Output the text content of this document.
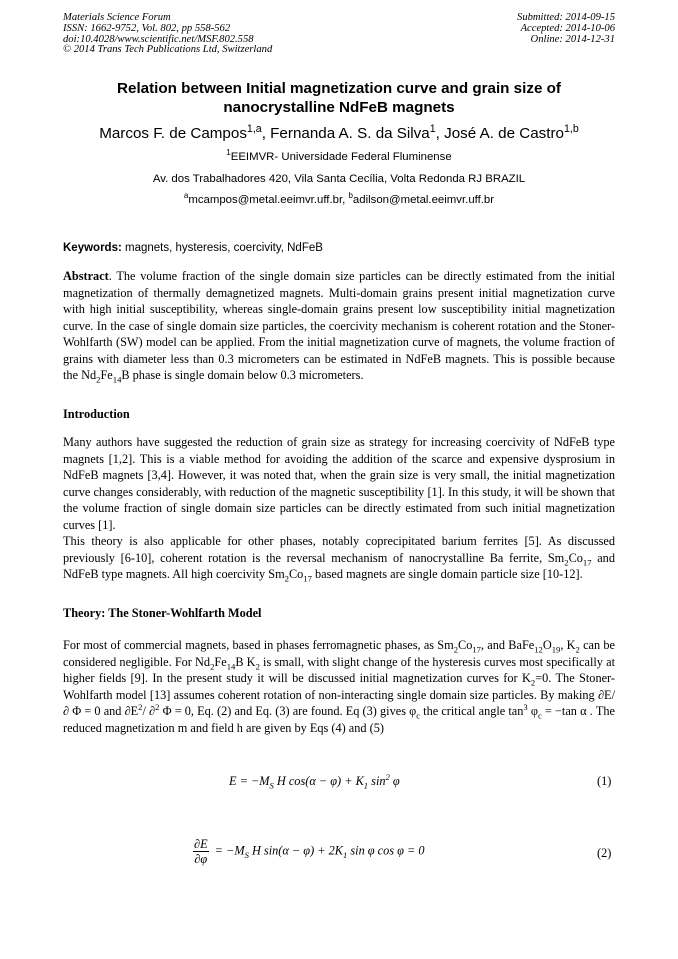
Materials Science Forum
ISSN: 1662-9752, Vol. 802, pp 558-562
doi:10.4028/www.scientific.net/MSF.802.558
© 2014 Trans Tech Publications Ltd, Switzerland
Submitted: 2014-09-15
Accepted: 2014-10-06
Online: 2014-12-31
Relation between Initial magnetization curve and grain size of nanocrystalline NdFeB magnets
Marcos F. de Campos$^{1,a}$, Fernanda A. S. da Silva$^1$, José A. de Castro$^{1,b}$
$^1$EEIMVR- Universidade Federal Fluminense
Av. dos Trabalhadores 420, Vila Santa Cecília, Volta Redonda RJ BRAZIL
$^a$mcampos@metal.eeimvr.uff.br, $^b$adilson@metal.eeimvr.uff.br
Keywords: magnets, hysteresis, coercivity, NdFeB

Abstract. The volume fraction of the single domain size particles can be directly estimated from the initial magnetization of thermally demagnetized magnets. Multi-domain grains present initial magnetization curve with high initial susceptibility, whereas single-domain grains present low susceptibility initial magnetization curve. In the case of single domain size particles, the coercivity mechanism is coherent rotation and the Stoner-Wohlfarth (SW) model can be applied. From the initial magnetization curve of magnets, the volume fraction of grains with diameter less than 0.3 micrometers can be estimated in NdFeB magnets. This is possible because the $Nd_2Fe_{14}B$ phase is single domain below 0.3 micrometers.

Introduction

Many authors have suggested the reduction of grain size as strategy for increasing coercivity of NdFeB type magnets [1,2]. This is a viable method for avoiding the addition of the scarce and expensive dysprosium in NdFeB magnets [3,4]. However, it was noted that, when the grain size is very small, the initial magnetization curve changes considerably, with reduction of the magnetic susceptibility [1]. In this study, it will be shown that the volume fraction of single domain size particles can be directly estimated from such initial magnetization curves [1].

This theory is also applicable for other phases, notably coprecipitated barium ferrites [5]. As discussed previously [6-10], coherent rotation is the reversal mechanism of nanocrystalline Ba ferrite, $Sm_2Co_{17}$ and NdFeB type magnets. All high coercivity $Sm_2Co_{17}$ based magnets are single domain particle size [10-12].

Theory: The Stoner-Wohlfarth Model

For most of commercial magnets, based in phases ferromagnetic phases, as $Sm_2Co_{17}$, and $BaFe_{12}O_{19}$, $K_2$ can be considered negligible. For $Nd_2Fe_{14}B$ $K_2$ is small, with slight change of the hysteresis curves most specifically at higher fields [9]. In the present study it will be discussed initial magnetization curves for $K_2=0$. The Stoner-Wohlfarth model [13] assumes coherent rotation of non-interacting single domain size particles. By making ∂E/ ∂ Φ = 0 and $\partial E^2/$ ∂$^2$ Φ = 0, Eq. (2) and Eq. (3) are found. Eq (3) gives $\varphi_c$ the critical angle $\tan^3 \varphi_c = -\tan$ α . The reduced magnetization m and field h are given by Eqs (4) and (5)

$E = -M_S$ H $\cos(\alpha - \varphi) + K_1$ $\sin^2 \varphi$	(1)
$\frac{\partial E}{\partial\varphi} = -M_S$ H $\sin(\alpha - \varphi) + 2K_1$ sin φ cos φ = 0	(2)
